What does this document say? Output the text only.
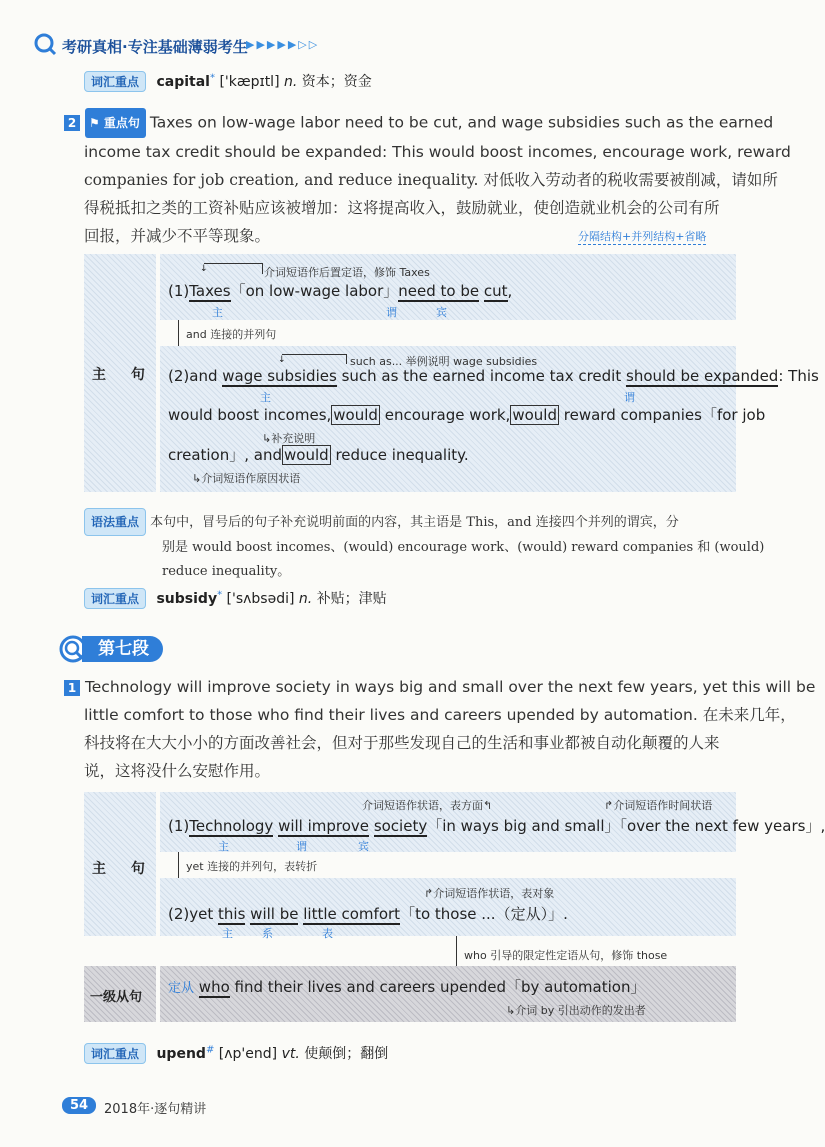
考研真相·专注基础薄弱考生
▶▶▶▶▶▷▷
词汇重点 capital* ['kæpɪtl] n. 资本；资金
2 ⚑ 重点句 Taxes on low-wage labor need to be cut, and wage subsidies such as the earned
income tax credit should be expanded: This would boost incomes, encourage work, reward
companies for job creation, and reduce inequality. 对低收入劳动者的税收需要被削减，请如所
得税抵扣之类的工资补贴应该被增加：这将提高收入，鼓励就业，使创造就业机会的公司有所
回报，并减少不平等现象。	分隔结构+并列结构+省略
主 句
介词短语作后置定语，修饰 Taxes
↓
(1)Taxes「on low-wage labor」need to be cut,
主	谓	宾
and 连接的并列句
↓	such as... 举例说明 wage subsidies
(2)and wage subsidies such as the earned income tax credit should be expanded: This
主	谓
would boost incomes, would encourage work, would reward companies「for job
↳补充说明
creation」, and would reduce inequality.
↳介词短语作原因状语
语法重点 本句中，冒号后的句子补充说明前面的内容，其主语是 This，and 连接四个并列的谓宾，分
别是 would boost incomes、(would) encourage work、(would) reward companies 和 (would)
reduce inequality。
词汇重点 subsidy* ['sʌbsədi] n. 补贴；津贴
第七段
1 Technology will improve society in ways big and small over the next few years, yet this will be
little comfort to those who find their lives and careers upended by automation. 在未来几年，
科技将在大大小小的方面改善社会，但对于那些发现自己的生活和事业都被自动化颠覆的人来
说，这将没什么安慰作用。
主 句
介词短语作状语，表方面↰	↱介词短语作时间状语
(1)Technology will improve society「in ways big and small」「over the next few years」,
主	谓	宾
yet 连接的并列句，表转折
↱介词短语作状语，表对象
(2)yet this will be little comfort「to those ...（定从）」.
主	系	表
who 引导的限定性定语从句，修饰 those
一级从句
定从 who find their lives and careers upended「by automation」
↳介词 by 引出动作的发出者
词汇重点 upend# [ʌp'end] vt. 使颠倒；翻倒
54	2018年·逐句精讲
